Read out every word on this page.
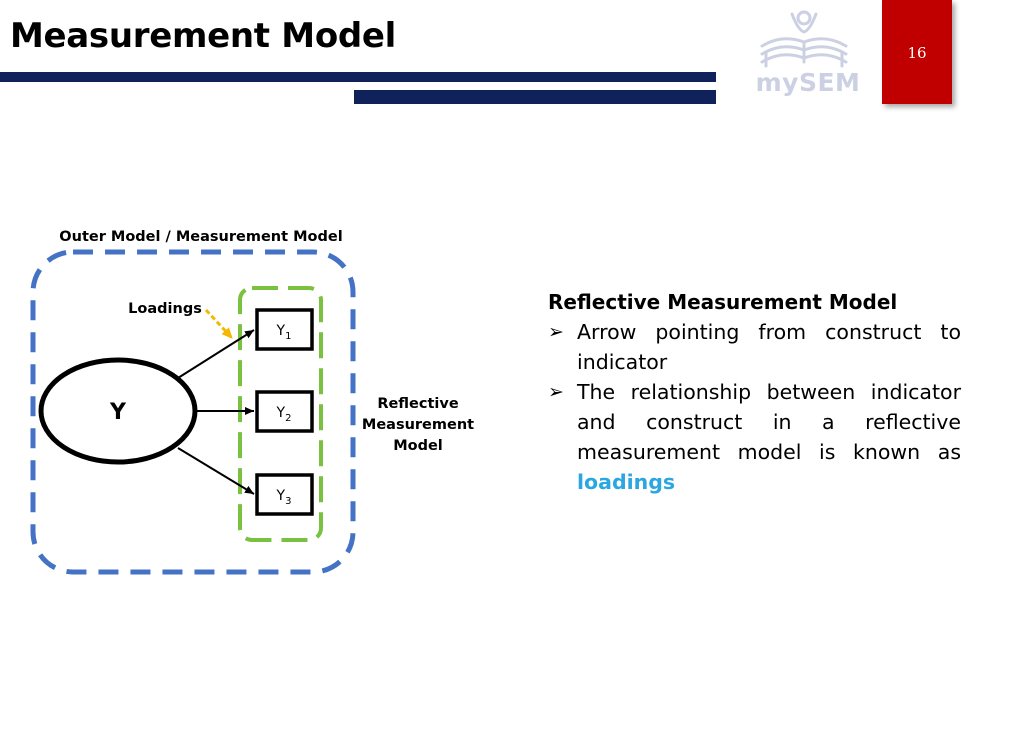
Measurement Model
mySEM
16
Outer Model / Measurement Model
Loadings
Y
$Y_1$
$Y_2$
$Y_3$
Reflective
Measurement
Model
Reflective Measurement Model
➢ Arrow pointing from construct to indicator
➢ The relationship between indicator and construct in a reflective measurement model is known as loadings
